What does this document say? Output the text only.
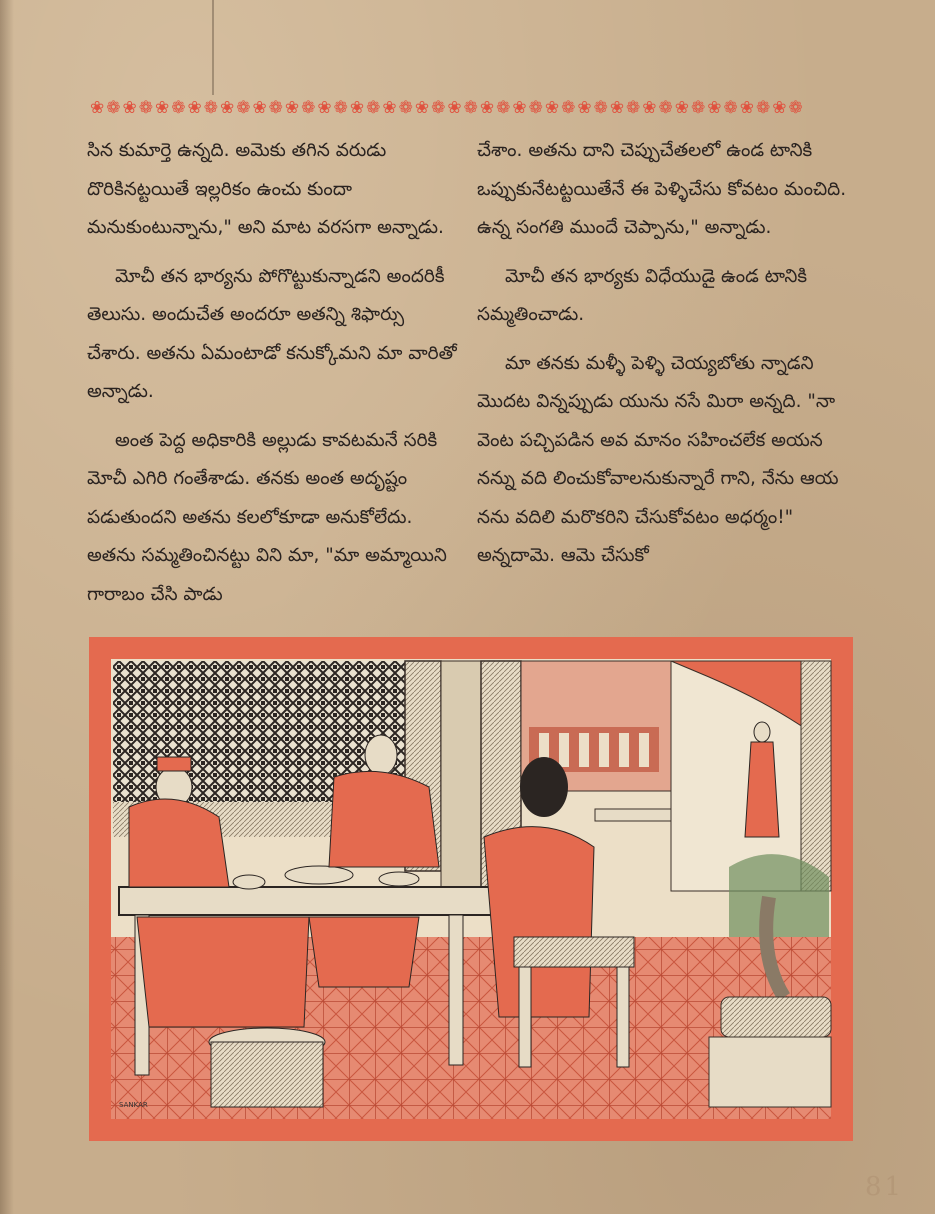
❀❁❀❁❀❁❀❁❀❁❀❁❀❁❀❁❀❁❀❁❀❁❀❁❀❁❀❁❀❁❀❁❀❁❀❁❀❁❀❁❀❁❀❁

సిన కుమార్తె ఉన్నది. అమెకు తగిన వరుడు దొరికినట్టయితే ఇల్లరికం ఉంచు కుందా మనుకుంటున్నాను," అని మాట వరసగా అన్నాడు.

మోచీ తన భార్యను పోగొట్టుకున్నాడని అందరికీ తెలుసు. అందుచేత అందరూ అతన్ని శిఫార్సు చేశారు. అతను ఏమంటాడో కనుక్కోమని మా వారితో అన్నాడు.

అంత పెద్ద అధికారికి అల్లుడు కావటమనే సరికి మోచీ ఎగిరి గంతేశాడు. తనకు అంత అదృష్టం పడుతుందని అతను కలలోకూడా అనుకోలేదు. అతను సమ్మతించినట్టు విని మా, "మా అమ్మాయిని గారాబం చేసి పాడు

చేశాం. అతను దాని చెప్పుచేతలలో ఉండ టానికి ఒప్పుకునేటట్టయితేనే ఈ పెళ్ళిచేసు కోవటం మంచిది. ఉన్న సంగతి ముందే చెప్పాను," అన్నాడు.

మోచీ తన భార్యకు విధేయుడై ఉండ టానికి సమ్మతించాడు.

మా తనకు మళ్ళీ పెళ్ళి చెయ్యబోతు న్నాడని మొదట విన్నప్పుడు యును నసే మిరా అన్నది. "నా వెంట పచ్చిపడిన అవ మానం సహించలేక అయన నన్ను వది లించుకోవాలనుకున్నారే గాని, నేను ఆయ నను వదిలి మరొకరిని చేసుకోవటం అధర్మం!" అన్నదామె. ఆమె చేసుకో

SANKAR
81
